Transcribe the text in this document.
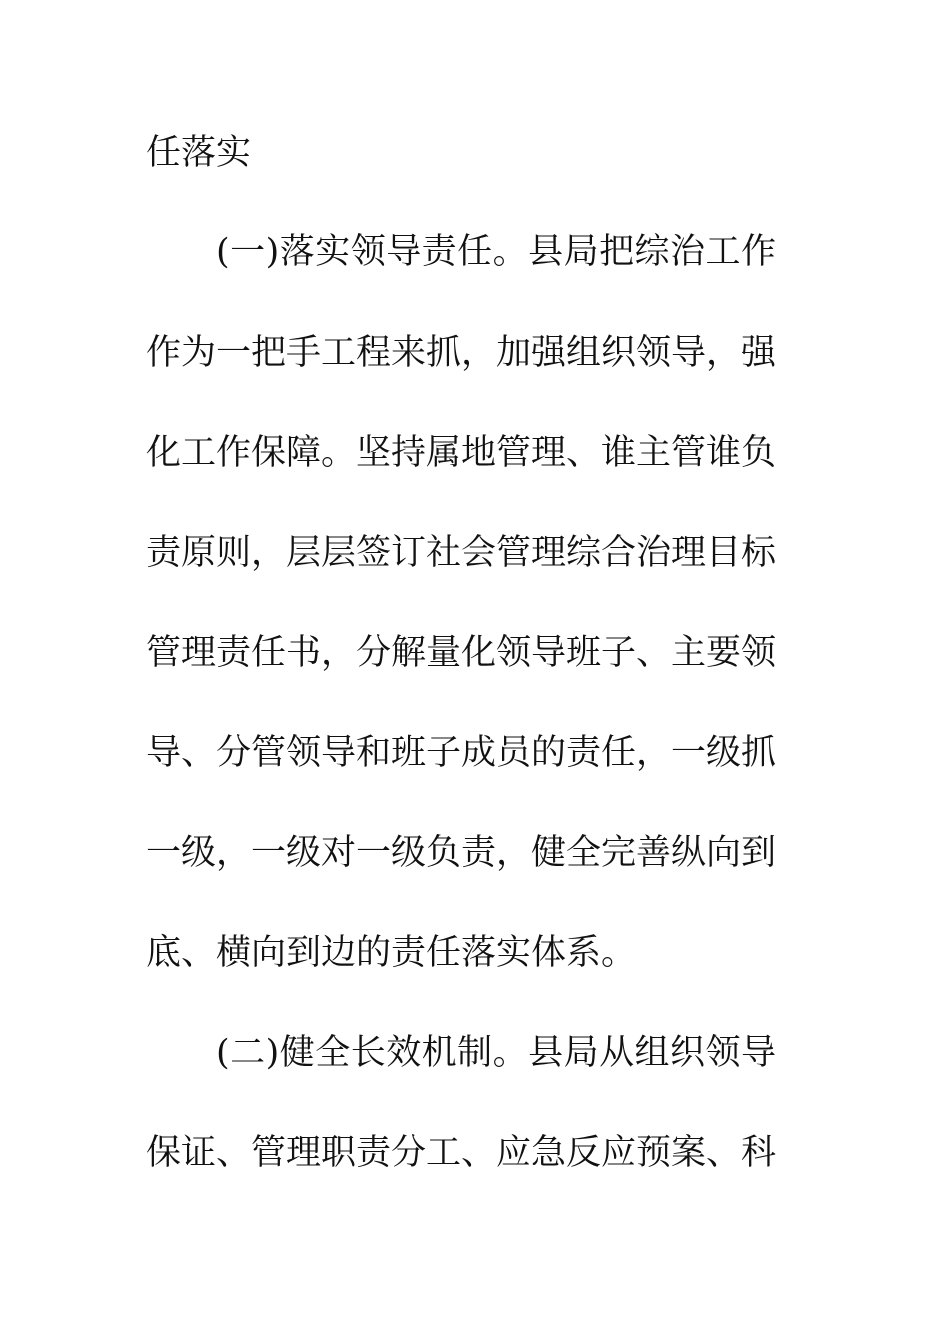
任落实
(一)落实领导责任。县局把综治工作
作为一把手工程来抓，加强组织领导，强
化工作保障。坚持属地管理、谁主管谁负
责原则，层层签订社会管理综合治理目标
管理责任书，分解量化领导班子、主要领
导、分管领导和班子成员的责任，一级抓
一级，一级对一级负责，健全完善纵向到
底、横向到边的责任落实体系。
(二)健全长效机制。县局从组织领导
保证、管理职责分工、应急反应预案、科
